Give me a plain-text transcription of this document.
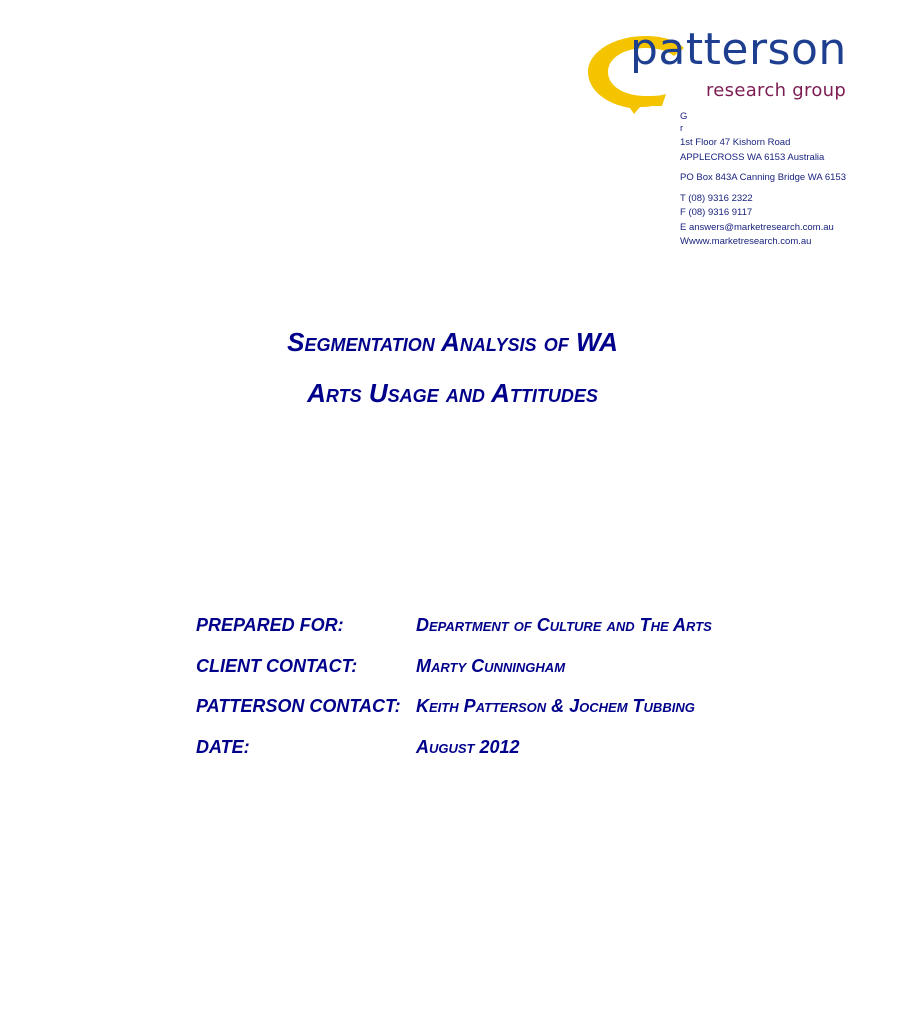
patterson
research group
G
r
1st Floor 47 Kishorn Road
APPLECROSS WA 6153 Australia
PO Box 843A Canning Bridge WA 6153
T (08) 9316 2322
F (08) 9316 9117
E answers@marketresearch.com.au
Wwww.marketresearch.com.au
Segmentation Analysis of WA
Arts Usage and Attitudes
PREPARED FOR:	Department of Culture and The Arts
CLIENT CONTACT:	Marty Cunningham
PATTERSON CONTACT: Keith Patterson & Jochem Tubbing
DATE:	August 2012
